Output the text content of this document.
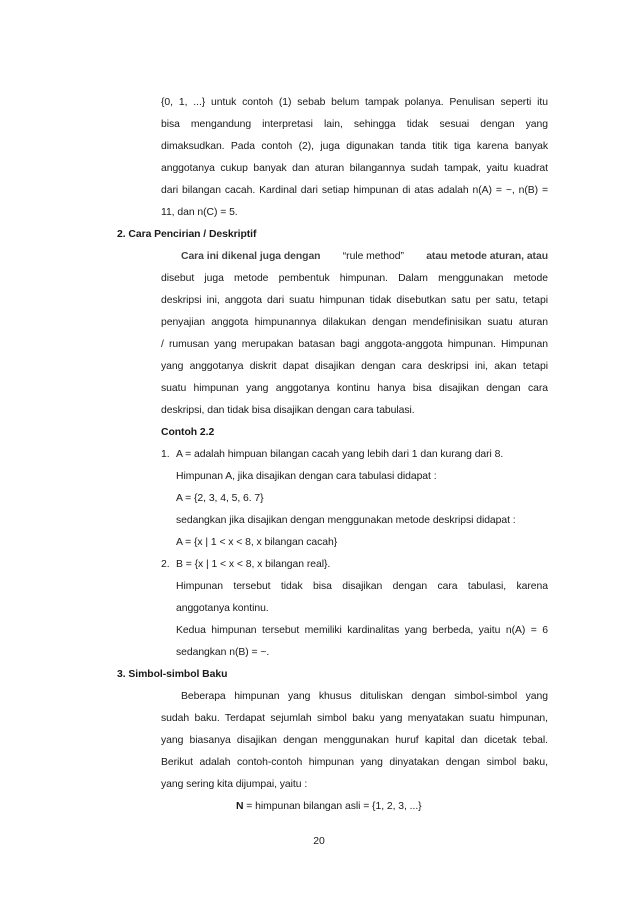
{0, 1, ...} untuk contoh (1) sebab belum tampak polanya. Penulisan seperti itu
bisa mengandung interpretasi lain, sehingga tidak sesuai dengan yang
dimaksudkan. Pada contoh (2), juga digunakan tanda titik tiga karena banyak
anggotanya cukup banyak dan aturan bilangannya sudah tampak, yaitu kuadrat
dari bilangan cacah. Kardinal dari setiap himpunan di atas adalah n(A) = ~, n(B) =
11, dan n(C) = 5.
2. Cara Pencirian / Deskriptif
Cara ini dikenal juga dengan “rule method” atau metode aturan, atau
disebut juga metode pembentuk himpunan. Dalam menggunakan metode
deskripsi ini, anggota dari suatu himpunan tidak disebutkan satu per satu, tetapi
penyajian anggota himpunannya dilakukan dengan mendefinisikan suatu aturan
/ rumusan yang merupakan batasan bagi anggota-anggota himpunan. Himpunan
yang anggotanya diskrit dapat disajikan dengan cara deskripsi ini, akan tetapi
suatu himpunan yang anggotanya kontinu hanya bisa disajikan dengan cara
deskripsi, dan tidak bisa disajikan dengan cara tabulasi.
Contoh 2.2
1. A = adalah himpuan bilangan cacah yang lebih dari 1 dan kurang dari 8.
Himpunan A, jika disajikan dengan cara tabulasi didapat :
A = {2, 3, 4, 5, 6. 7}
sedangkan jika disajikan dengan menggunakan metode deskripsi didapat :
A = {x | 1 < x < 8, x bilangan cacah}
2. B = {x | 1 < x < 8, x bilangan real}.
Himpunan tersebut tidak bisa disajikan dengan cara tabulasi, karena
anggotanya kontinu.
Kedua himpunan tersebut memiliki kardinalitas yang berbeda, yaitu n(A) = 6
sedangkan n(B) = ~.
3. Simbol-simbol Baku
Beberapa himpunan yang khusus dituliskan dengan simbol-simbol yang
sudah baku. Terdapat sejumlah simbol baku yang menyatakan suatu himpunan,
yang biasanya disajikan dengan menggunakan huruf kapital dan dicetak tebal.
Berikut adalah contoh-contoh himpunan yang dinyatakan dengan simbol baku,
yang sering kita dijumpai, yaitu :
N = himpunan bilangan asli = {1, 2, 3, ...}
20
